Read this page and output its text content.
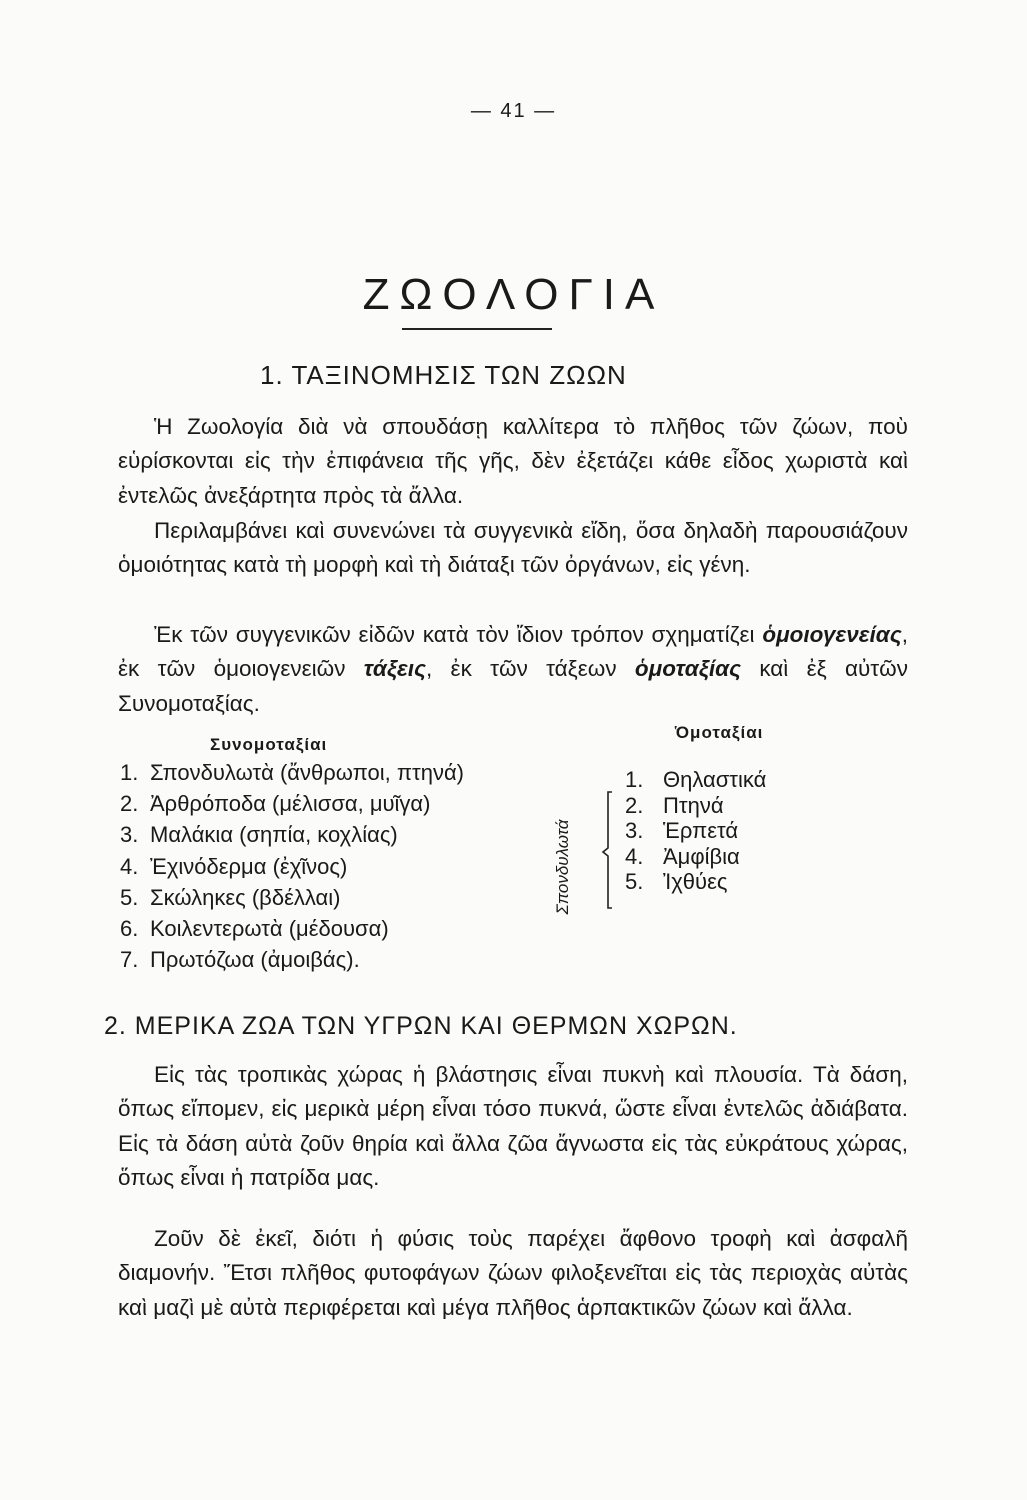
— 41 —
ΖΩΟΛΟΓΙΑ
1. ΤΑΞΙΝΟΜΗΣΙΣ ΤΩΝ ΖΩΩΝ

Ἡ Ζωολογία διὰ νὰ σπουδάσῃ καλλίτερα τὸ πλῆθος τῶν ζώων, ποὺ εὑρίσκονται εἰς τὴν ἐπιφάνεια τῆς γῆς, δὲν ἐξετάζει κάθε εἶδος χωριστὰ καὶ ἐντελῶς ἀνεξάρτητα πρὸς τὰ ἄλλα.

Περιλαμβάνει καὶ συνενώνει τὰ συγγενικὰ εἴδη, ὅσα δηλαδὴ παρουσιάζουν ὁμοιότητας κατὰ τὴ μορφὴ καὶ τὴ διάταξι τῶν ὀργάνων, εἰς γένη.

Ἐκ τῶν συγγενικῶν εἰδῶν κατὰ τὸν ἴδιον τρόπον σχηματίζει ὁμοιογενείας, ἐκ τῶν ὁμοιογενειῶν τάξεις, ἐκ τῶν τάξεων ὁμοταξίας καὶ ἐξ αὐτῶν Συνομοταξίας.

Συνομοταξίαι
Ὁμοταξίαι
1. Σπονδυλωτὰ (ἄνθρωποι, πτηνά)
2. Ἀρθρόποδα (μέλισσα, μυῖγα)
3. Μαλάκια (σηπία, κοχλίας)
4. Ἐχινόδερμα (ἐχῖνος)
5. Σκώληκες (βδέλλαι)
6. Κοιλεντερωτὰ (μέδουσα)
7. Πρωτόζωα (ἀμοιβάς).
Σπονδυλωτά
1. Θηλαστικά
2. Πτηνά
3. Ἑρπετά
4. Ἀμφίβια
5. Ἰχθύες
2. ΜΕΡΙΚΑ ΖΩΑ ΤΩΝ ΥΓΡΩΝ ΚΑΙ ΘΕΡΜΩΝ ΧΩΡΩΝ.

Εἰς τὰς τροπικὰς χώρας ἡ βλάστησις εἶναι πυκνὴ καὶ πλουσία. Τὰ δάση, ὅπως εἴπομεν, εἰς μερικὰ μέρη εἶναι τόσο πυκνά, ὥστε εἶναι ἐντελῶς ἀδιάβατα. Εἰς τὰ δάση αὐτὰ ζοῦν θηρία καὶ ἄλλα ζῶα ἄγνωστα εἰς τὰς εὐκράτους χώρας, ὅπως εἶναι ἡ πατρίδα μας.

Ζοῦν δὲ ἐκεῖ, διότι ἡ φύσις τοὺς παρέχει ἄφθονο τροφὴ καὶ ἀσφαλῆ διαμονήν. Ἔτσι πλῆθος φυτοφάγων ζώων φιλοξενεῖται εἰς τὰς περιοχὰς αὐτὰς καὶ μαζὶ μὲ αὐτὰ περιφέρεται καὶ μέγα πλῆθος ἁρπακτικῶν ζώων καὶ ἄλλα.
